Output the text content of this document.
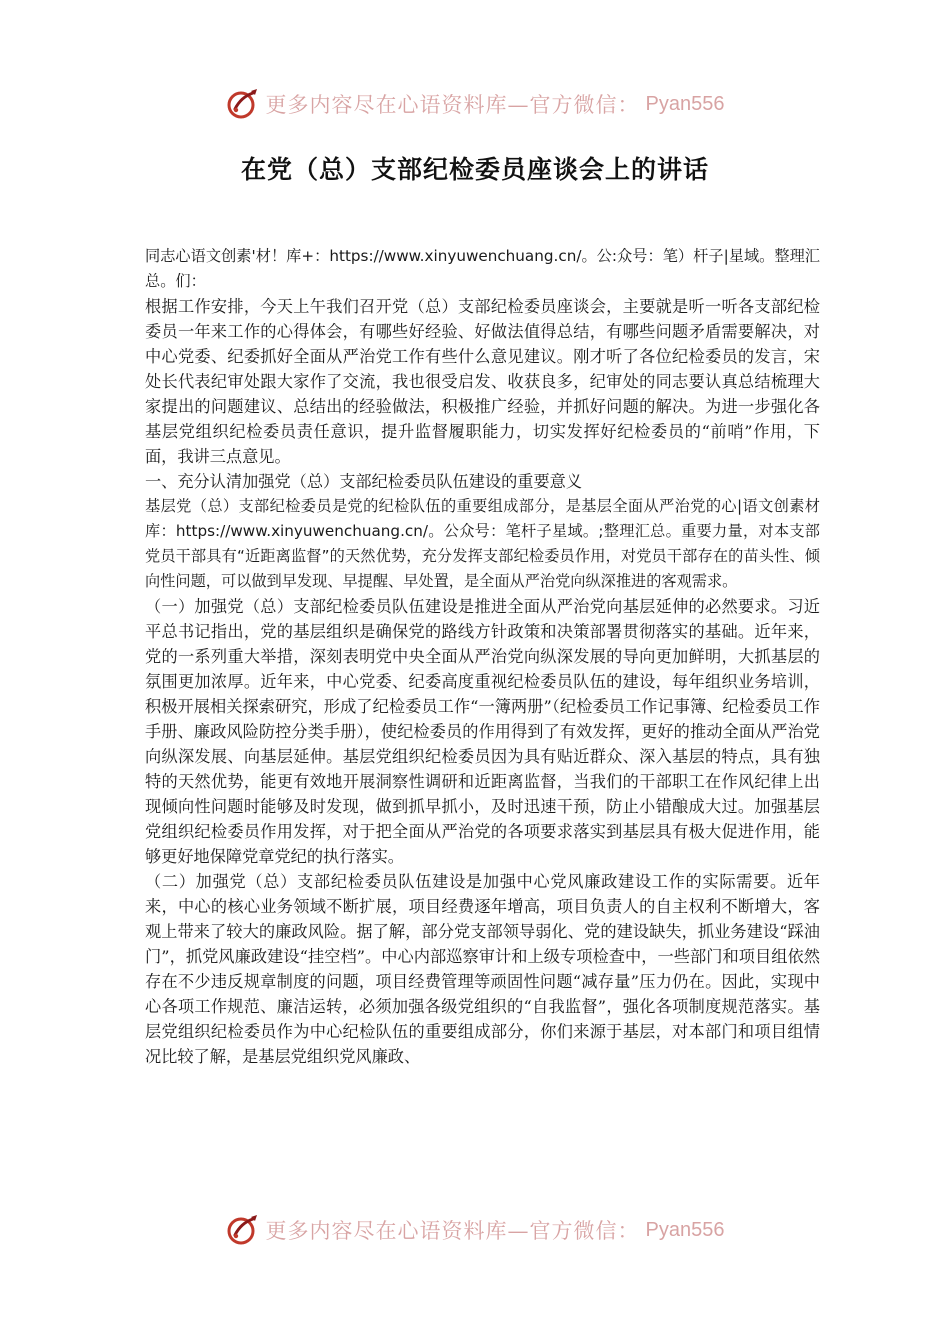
更多内容尽在心语资料库—官方微信： Pyan556
在党（总）支部纪检委员座谈会上的讲话

同志心语文创素'材！库+：https://www.xinyuwenchuang.cn/。公:众号：笔）杆子|星域。整理汇总。们：

根据工作安排，今天上午我们召开党（总）支部纪检委员座谈会，主要就是听一听各支部纪检委员一年来工作的心得体会，有哪些好经验、好做法值得总结，有哪些问题矛盾需要解决，对中心党委、纪委抓好全面从严治党工作有些什么意见建议。刚才听了各位纪检委员的发言，宋处长代表纪审处跟大家作了交流，我也很受启发、收获良多，纪审处的同志要认真总结梳理大家提出的问题建议、总结出的经验做法，积极推广经验，并抓好问题的解决。为进一步强化各基层党组织纪检委员责任意识，提升监督履职能力，切实发挥好纪检委员的“前哨”作用，下面，我讲三点意见。

一、充分认清加强党（总）支部纪检委员队伍建设的重要意义

基层党（总）支部纪检委员是党的纪检队伍的重要组成部分，是基层全面从严治党的心|语文创素材库：https://www.xinyuwenchuang.cn/。公众号：笔杆子星域。;整理汇总。重要力量，对本支部党员干部具有“近距离监督”的天然优势，充分发挥支部纪检委员作用，对党员干部存在的苗头性、倾向性问题，可以做到早发现、早提醒、早处置，是全面从严治党向纵深推进的客观需求。

（一）加强党（总）支部纪检委员队伍建设是推进全面从严治党向基层延伸的必然要求。习近平总书记指出，党的基层组织是确保党的路线方针政策和决策部署贯彻落实的基础。近年来，党的一系列重大举措，深刻表明党中央全面从严治党向纵深发展的导向更加鲜明，大抓基层的氛围更加浓厚。近年来，中心党委、纪委高度重视纪检委员队伍的建设，每年组织业务培训，积极开展相关探索研究，形成了纪检委员工作“一簿两册”（纪检委员工作记事簿、纪检委员工作手册、廉政风险防控分类手册），使纪检委员的作用得到了有效发挥，更好的推动全面从严治党向纵深发展、向基层延伸。基层党组织纪检委员因为具有贴近群众、深入基层的特点，具有独特的天然优势，能更有效地开展洞察性调研和近距离监督，当我们的干部职工在作风纪律上出现倾向性问题时能够及时发现，做到抓早抓小，及时迅速干预，防止小错酿成大过。加强基层党组织纪检委员作用发挥，对于把全面从严治党的各项要求落实到基层具有极大促进作用，能够更好地保障党章党纪的执行落实。

（二）加强党（总）支部纪检委员队伍建设是加强中心党风廉政建设工作的实际需要。近年来，中心的核心业务领域不断扩展，项目经费逐年增高，项目负责人的自主权利不断增大，客观上带来了较大的廉政风险。据了解，部分党支部领导弱化、党的建设缺失，抓业务建设“踩油门”，抓党风廉政建设“挂空档”。中心内部巡察审计和上级专项检查中，一些部门和项目组依然存在不少违反规章制度的问题，项目经费管理等顽固性问题“减存量”压力仍在。因此，实现中心各项工作规范、廉洁运转，必须加强各级党组织的“自我监督”，强化各项制度规范落实。基层党组织纪检委员作为中心纪检队伍的重要组成部分，你们来源于基层，对本部门和项目组情况比较了解，是基层党组织党风廉政、

更多内容尽在心语资料库—官方微信： Pyan556
